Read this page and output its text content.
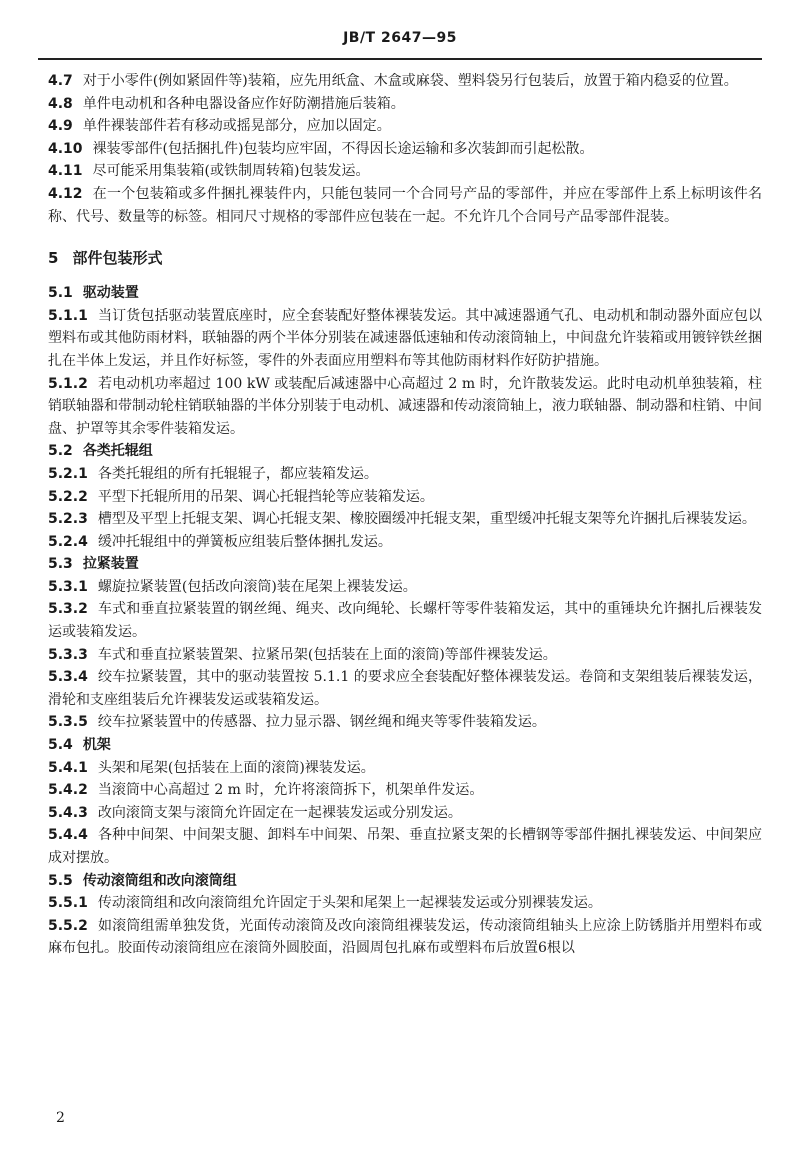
JB/T 2647—95

4.7 对于小零件(例如紧固件等)装箱，应先用纸盒、木盒或麻袋、塑料袋另行包装后，放置于箱内稳妥的位置。

4.8 单件电动机和各种电器设备应作好防潮措施后装箱。

4.9 单件裸装部件若有移动或摇晃部分，应加以固定。

4.10 裸装零部件(包括捆扎件)包装均应牢固，不得因长途运输和多次装卸而引起松散。

4.11 尽可能采用集装箱(或铁制周转箱)包装发运。

4.12 在一个包装箱或多件捆扎裸装件内，只能包装同一个合同号产品的零部件，并应在零部件上系上标明该件名称、代号、数量等的标签。相同尺寸规格的零部件应包装在一起。不允许几个合同号产品零部件混装。

5 部件包装形式

5.1 驱动装置

5.1.1 当订货包括驱动装置底座时，应全套装配好整体裸装发运。其中减速器通气孔、电动机和制动器外面应包以塑料布或其他防雨材料，联轴器的两个半体分别装在减速器低速轴和传动滚筒轴上，中间盘允许装箱或用镀锌铁丝捆扎在半体上发运，并且作好标签，零件的外表面应用塑料布等其他防雨材料作好防护措施。

5.1.2 若电动机功率超过 100 kW 或装配后减速器中心高超过 2 m 时，允许散装发运。此时电动机单独装箱，柱销联轴器和带制动轮柱销联轴器的半体分别装于电动机、减速器和传动滚筒轴上，液力联轴器、制动器和柱销、中间盘、护罩等其余零件装箱发运。

5.2 各类托辊组

5.2.1 各类托辊组的所有托辊辊子，都应装箱发运。

5.2.2 平型下托辊所用的吊架、调心托辊挡轮等应装箱发运。

5.2.3 槽型及平型上托辊支架、调心托辊支架、橡胶圈缓冲托辊支架，重型缓冲托辊支架等允许捆扎后裸装发运。

5.2.4 缓冲托辊组中的弹簧板应组装后整体捆扎发运。

5.3 拉紧装置

5.3.1 螺旋拉紧装置(包括改向滚筒)装在尾架上裸装发运。

5.3.2 车式和垂直拉紧装置的钢丝绳、绳夹、改向绳轮、长螺杆等零件装箱发运，其中的重锤块允许捆扎后裸装发运或装箱发运。

5.3.3 车式和垂直拉紧装置架、拉紧吊架(包括装在上面的滚筒)等部件裸装发运。

5.3.4 绞车拉紧装置，其中的驱动装置按 5.1.1 的要求应全套装配好整体裸装发运。卷筒和支架组装后裸装发运，滑轮和支座组装后允许裸装发运或装箱发运。

5.3.5 绞车拉紧装置中的传感器、拉力显示器、钢丝绳和绳夹等零件装箱发运。

5.4 机架

5.4.1 头架和尾架(包括装在上面的滚筒)裸装发运。

5.4.2 当滚筒中心高超过 2 m 时，允许将滚筒拆下，机架单件发运。

5.4.3 改向滚筒支架与滚筒允许固定在一起裸装发运或分别发运。

5.4.4 各种中间架、中间架支腿、卸料车中间架、吊架、垂直拉紧支架的长槽钢等零部件捆扎裸装发运、中间架应成对摆放。

5.5 传动滚筒组和改向滚筒组

5.5.1 传动滚筒组和改向滚筒组允许固定于头架和尾架上一起裸装发运或分别裸装发运。

5.5.2 如滚筒组需单独发货，光面传动滚筒及改向滚筒组裸装发运，传动滚筒组轴头上应涂上防锈脂并用塑料布或麻布包扎。胶面传动滚筒组应在滚筒外圆胶面，沿圆周包扎麻布或塑料布后放置6根以

2
